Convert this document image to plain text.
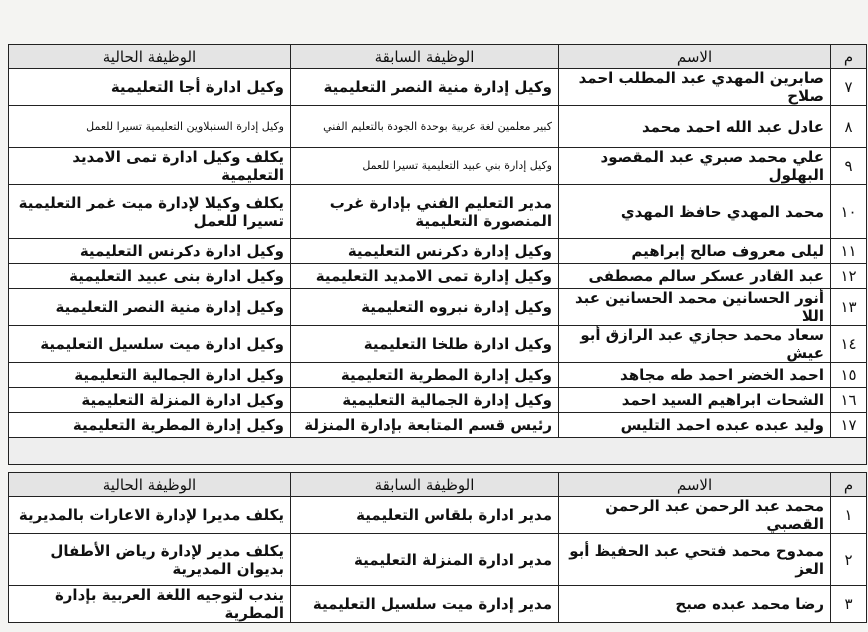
م	الاسم	الوظيفة السابقة	الوظيفة الحالية
٧	صابرين المهدي عبد المطلب احمد صلاح	وكيل إدارة منية النصر التعليمية	وكيل ادارة أجا التعليمية
٨	عادل عبد الله احمد محمد	كبير معلمين لغة عربية بوحدة الجودة بالتعليم الفني	وكيل إدارة السنبلاوين التعليمية تسيرا للعمل
٩	علي محمد صبري عبد المقصود البهلول	وكيل إدارة بني عبيد التعليمية تسيرا للعمل	يكلف وكيل ادارة تمى الامديد التعليمية
١٠	محمد المهدي حافظ المهدي	مدير التعليم الفني بإدارة غرب المنصورة التعليمية	يكلف وكيلا لإدارة ميت غمر التعليمية تسيرا للعمل
١١	ليلى معروف صالح إبراهيم	وكيل إدارة دكرنس التعليمية	وكيل ادارة دكرنس التعليمية
١٢	عبد القادر عسكر سالم مصطفى	وكيل إدارة تمى الامديد التعليمية	وكيل ادارة بنى عبيد التعليمية
١٣	أنور الحسانين محمد الحسانين عبد اللا	وكيل إدارة نبروه التعليمية	وكيل إدارة منية النصر التعليمية
١٤	سعاد محمد حجازي عبد الرازق أبو عيش	وكيل ادارة طلخا التعليمية	وكيل ادارة ميت سلسيل التعليمية
١٥	احمد الخضر احمد طه مجاهد	وكيل إدارة المطرية التعليمية	وكيل ادارة الجمالية التعليمية
١٦	الشحات ابراهيم السيد احمد	وكيل إدارة الجمالية التعليمية	وكيل ادارة المنزلة التعليمية
١٧	وليد عبده عبده احمد التليس	رئيس قسم المتابعة بإدارة المنزلة	وكيل إدارة المطرية التعليمية

م	الاسم	الوظيفة السابقة	الوظيفة الحالية
١	محمد عبد الرحمن عبد الرحمن القصبي	مدير ادارة بلقاس التعليمية	يكلف مديرا لإدارة الاعارات بالمديرية
٢	ممدوح محمد فتحي عبد الحفيظ أبو العز	مدير ادارة المنزلة التعليمية	يكلف مدير لإدارة رياض الأطفال بديوان المديرية
٣	رضا محمد عبده صبح	مدير إدارة ميت سلسيل التعليمية	يندب لتوجيه اللغة العربية بإدارة المطرية
